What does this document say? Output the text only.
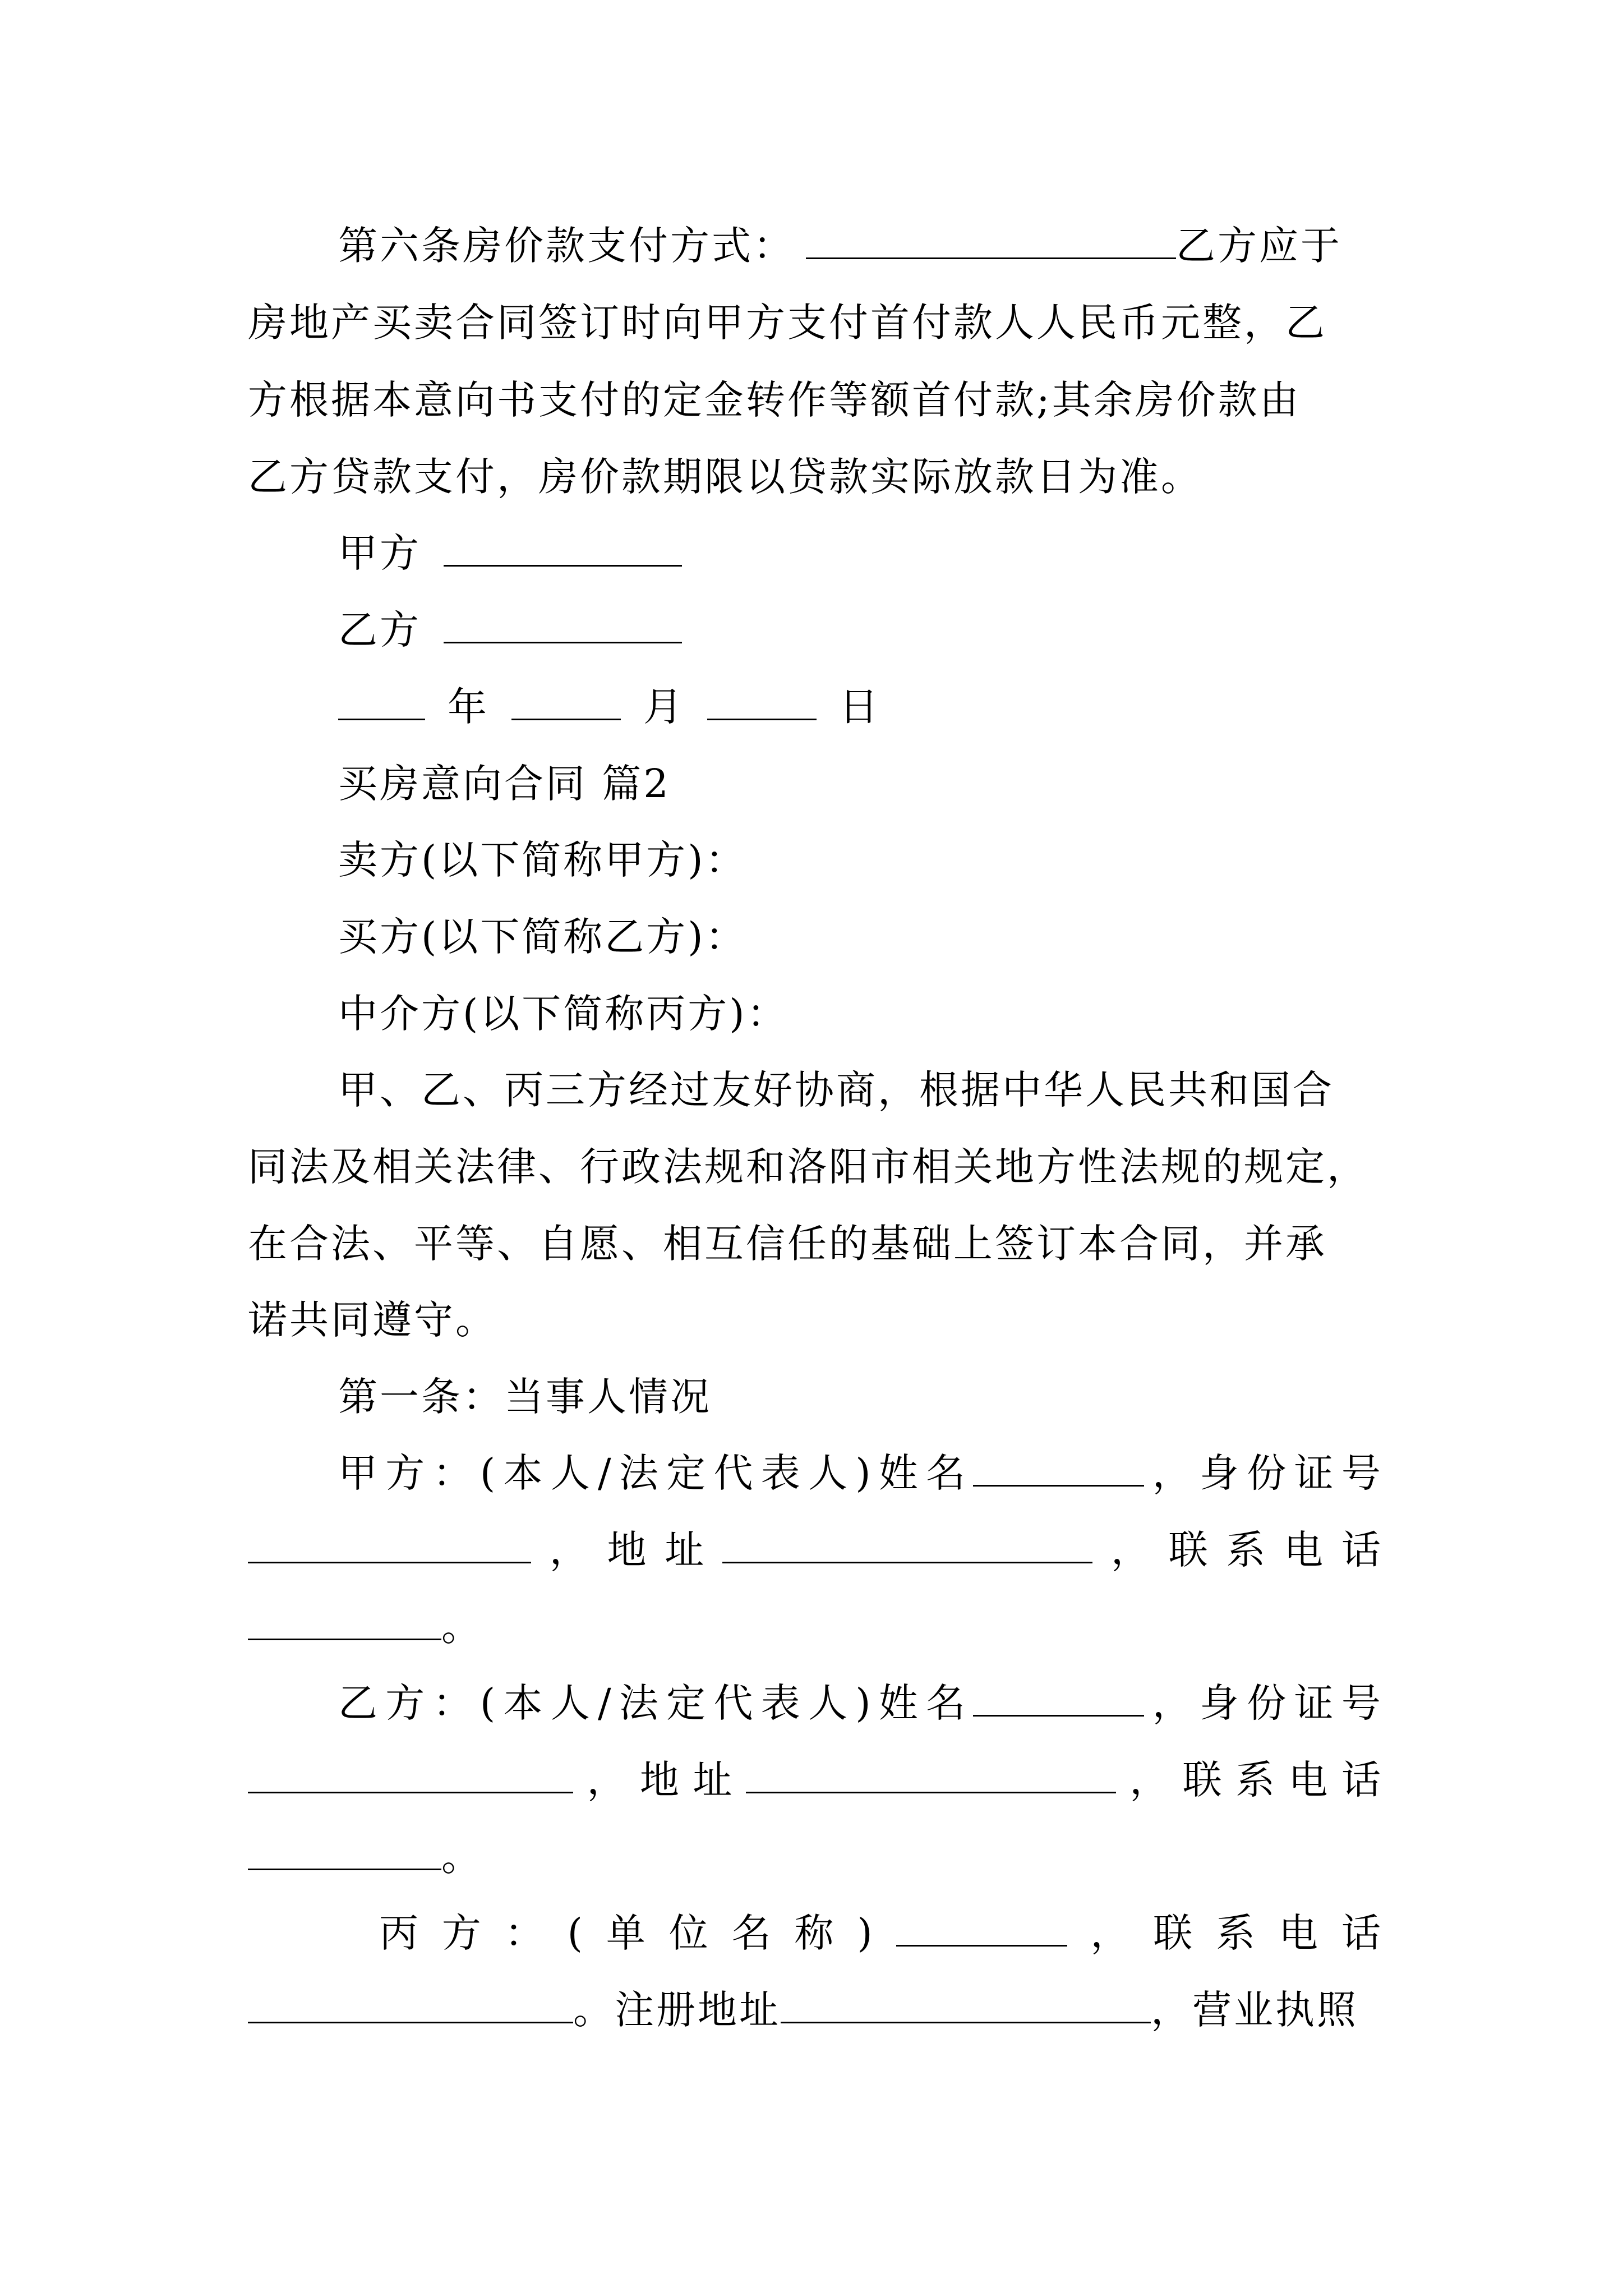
第六条房价款支付方式：	乙方应于
房地产买卖合同签订时向甲方支付首付款人人民币元整，乙
方根据本意向书支付的定金转作等额首付款;其余房价款由
乙方贷款支付，房价款期限以贷款实际放款日为准。
甲方
乙方
年	月	日
买房意向合同 篇2
卖方(以下简称甲方)：
买方(以下简称乙方)：
中介方(以下简称丙方)：
甲、乙、丙三方经过友好协商，根据中华人民共和国合
同法及相关法律、行政法规和洛阳市相关地方性法规的规定，
在合法、平等、自愿、相互信任的基础上签订本合同，并承
诺共同遵守。
第一条：当事人情况
甲 方 ： ( 本 人 / 法 定 代 表 人 ) 姓 名	， 身 份 证 号
， 地 址	， 联 系 电 话
。
乙 方 ： ( 本 人 / 法 定 代 表 人 ) 姓 名	， 身 份 证 号
， 地 址	， 联 系 电 话
。
丙 方 ： ( 单 位 名 称 )	， 联 系 电 话
。注册地址	，营业执照
